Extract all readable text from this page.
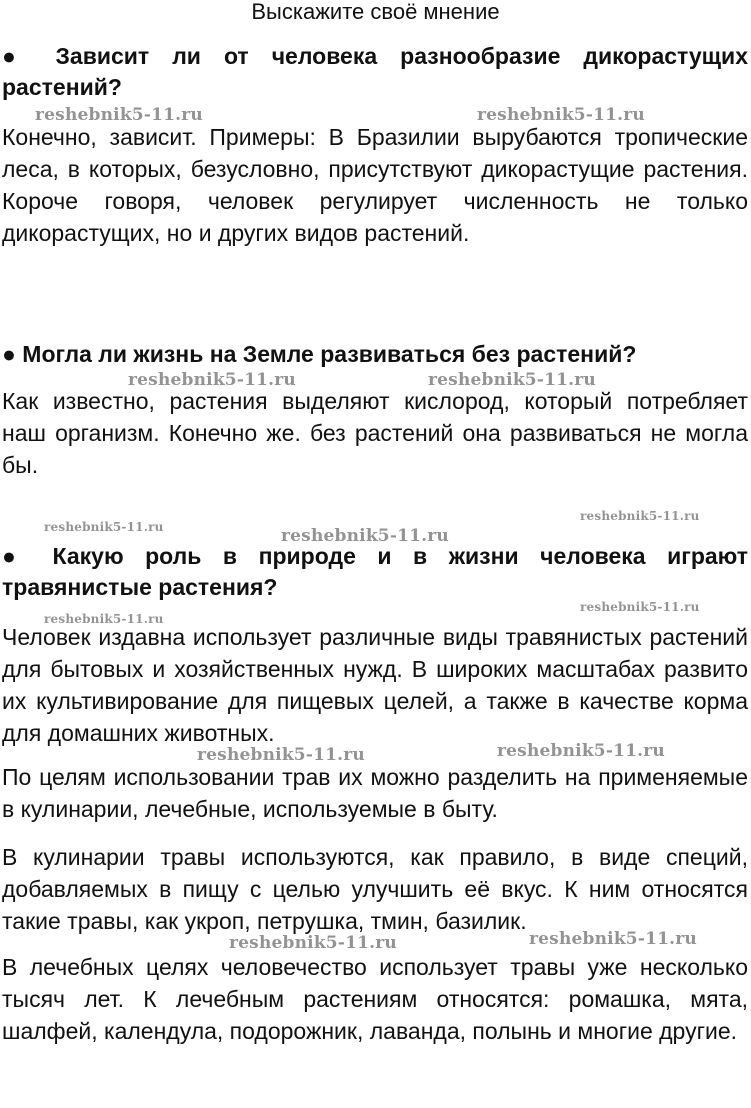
Выскажите своё мнение

● Зависит ли от человека разнообразие дикорастущих растений?

Конечно, зависит. Примеры: В Бразилии вырубаются тропические леса, в которых, безусловно, присутствуют дикорастущие растения. Короче говоря, человек регулирует численность не только дикорастущих, но и других видов растений.

● Могла ли жизнь на Земле развиваться без растений?

Как известно, растения выделяют кислород, который потребляет наш организм. Конечно же. без растений она развиваться не могла бы.

● Какую роль в природе и в жизни человека играют травянистые растения?

Человек издавна использует различные виды травянистых растений для бытовых и хозяйственных нужд. В широких масштабах развито их культивирование для пищевых целей, а также в качестве корма для домашних животных.

По целям использовании трав их можно разделить на применяемые в кулинарии, лечебные, используемые в быту.

В кулинарии травы используются, как правило, в виде специй, добавляемых в пищу с целью улучшить её вкус. К ним относятся такие травы, как укроп, петрушка, тмин, базилик.

В лечебных целях человечество использует травы уже несколько тысяч лет. К лечебным растениям относятся: ромашка, мята, шалфей, календула, подорожник, лаванда, полынь и многие другие.

reshebnik5-11.ru	reshebnik5-11.ru
reshebnik5-11.ru	reshebnik5-11.ru
reshebnik5-11.ru	reshebnik5-11.ru
reshebnik5-11.ru
reshebnik5-11.ru
reshebnik5-11.ru
reshebnik5-11.ru	reshebnik5-11.ru
reshebnik5-11.ru	reshebnik5-11.ru
